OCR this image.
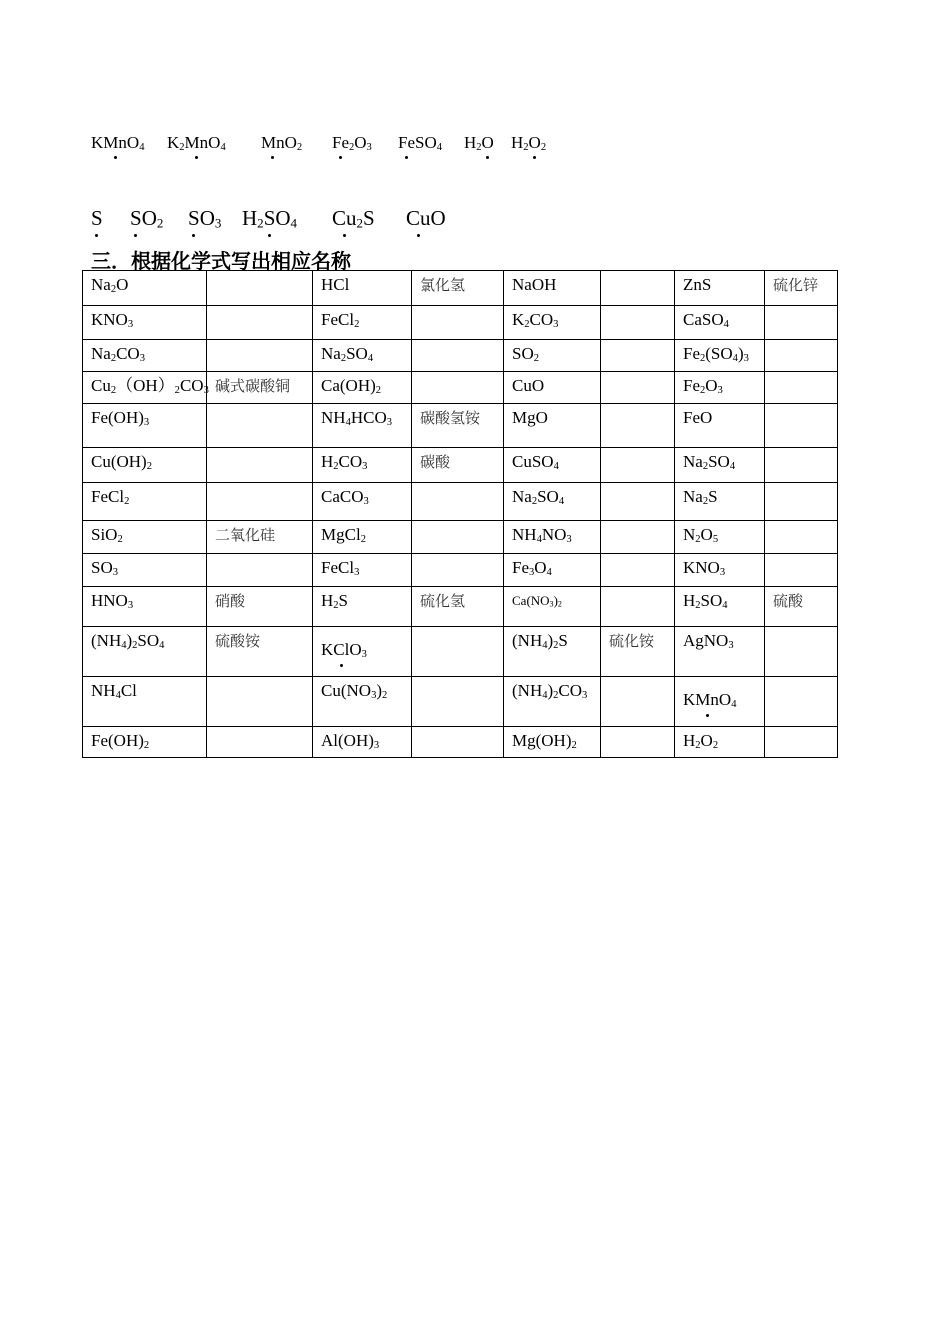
KMnO$_4$ $K_2MnO_4$ MnO$_2$ $Fe_2O_3$ FeSO$_4$ $H_2O$ $H_2O_2$
S $SO_2$ $SO_3$ $H_2SO_4$ $Cu_2S$ CuO
三．根据化学式写出相应名称
$Na_2O$		HCl	氯化氢	NaOH		ZnS	硫化锌
$KNO_3$		FeCl$_2$		$K_2CO_3$		CaSO$_4$	
$Na_2CO_3$		$Na_2SO_4$		$SO_2$		$Fe_2(SO_4)_3$	
$Cu_2(OH)_2CO_3$	碱式碳酸铜	$Ca(OH)_2$		CuO		$Fe_2O_3$	
$Fe(OH)_3$		$NH_4HCO_3$	碳酸氢铵	MgO		FeO	
$Cu(OH)_2$		$H_2CO_3$	碳酸	CuSO$_4$		$Na_2SO_4$	
FeCl$_2$		CaCO$_3$		$Na_2SO_4$		$Na_2S$	
SiO$_2$	二氧化硅	MgCl$_2$		$NH_4NO_3$		$N_2O_5$	
$SO_3$		FeCl$_3$		$Fe_3O_4$		$KNO_3$	
$HNO_3$	硝酸	$H_2S$	硫化氢	$Ca(NO_3)_2$		$H_2SO_4$	硫酸
$(NH_4)_2SO_4$	硫酸铵	KClO$_3$		$(NH_4)_2S$	硫化铵	AgNO$_3$	
$NH_4Cl$		$Cu(NO_3)_2$		$(NH_4)_2CO_3$		KMnO$_4$	
$Fe(OH)_2$		$Al(OH)_3$		$Mg(OH)_2$		$H_2O_2$	
